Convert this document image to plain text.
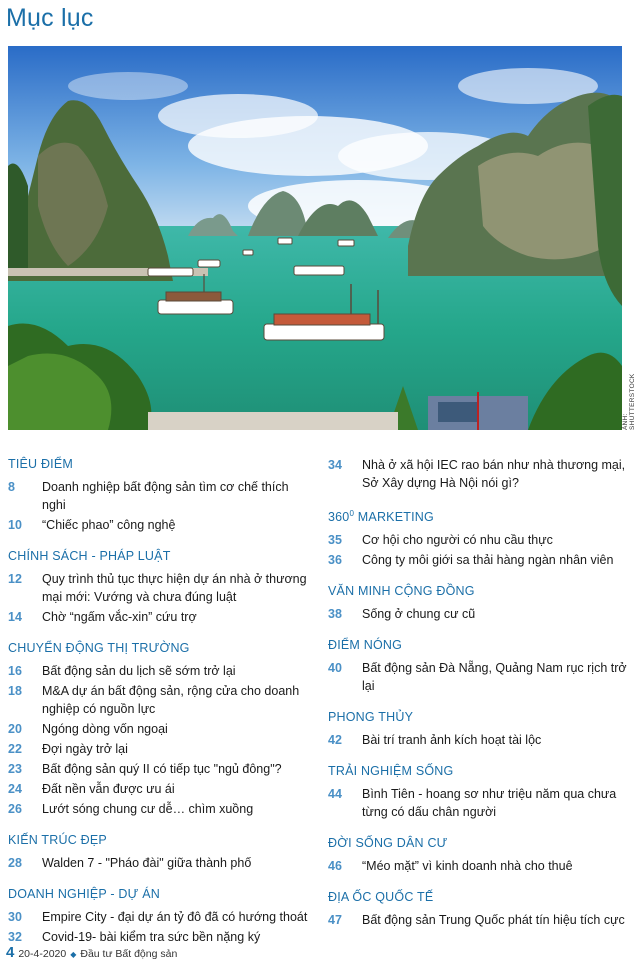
Mục lục
ẢNH: SHUTTERSTOCK
TIÊU ĐIỂM
8	Doanh nghiệp bất động sản tìm cơ chế thích nghi
10	“Chiếc phao” công nghệ
CHÍNH SÁCH - PHÁP LUẬT
12	Quy trình thủ tục thực hiện dự án nhà ở thương mại mới: Vướng và chưa đúng luật
14	Chờ “ngấm vắc-xin” cứu trợ
CHUYỂN ĐỘNG THỊ TRƯỜNG
16	Bất động sản du lịch sẽ sớm trở lại
18	M&A dự án bất động sản, rộng cửa cho doanh nghiệp có nguồn lực
20	Ngóng dòng vốn ngoại
22	Đợi ngày trở lại
23	Bất động sản quý II có tiếp tục "ngủ đông"?
24	Đất nền vẫn được ưu ái
26	Lướt sóng chung cư dễ… chìm xuồng
KIẾN TRÚC ĐẸP
28	Walden 7 - "Pháo đài" giữa thành phố
DOANH NGHIỆP - DỰ ÁN
30	Empire City - đại dự án tỷ đô đã có hướng thoát
32	Covid-19- bài kiểm tra sức bền nặng ký
34	Nhà ở xã hội IEC rao bán như nhà thương mại, Sở Xây dựng Hà Nội nói gì?
$360^0$ MARKETING
35	Cơ hội cho người có nhu cầu thực
36	Công ty môi giới sa thải hàng ngàn nhân viên
VĂN MINH CỘNG ĐỒNG
38	Sống ở chung cư cũ
ĐIỂM NÓNG
40	Bất động sản Đà Nẵng, Quảng Nam rục rịch trở lại
PHONG THỦY
42	Bài trí tranh ảnh kích hoạt tài lộc
TRẢI NGHIỆM SỐNG
44	Bình Tiên - hoang sơ như triệu năm qua chưa từng có dấu chân người
ĐỜI SỐNG DÂN CƯ
46	“Méo mặt” vì kinh doanh nhà cho thuê
ĐỊA ỐC QUỐC TẾ
47	Bất động sản Trung Quốc phát tín hiệu tích cực
4 20-4-2020 ◆ Đầu tư Bất động sản
